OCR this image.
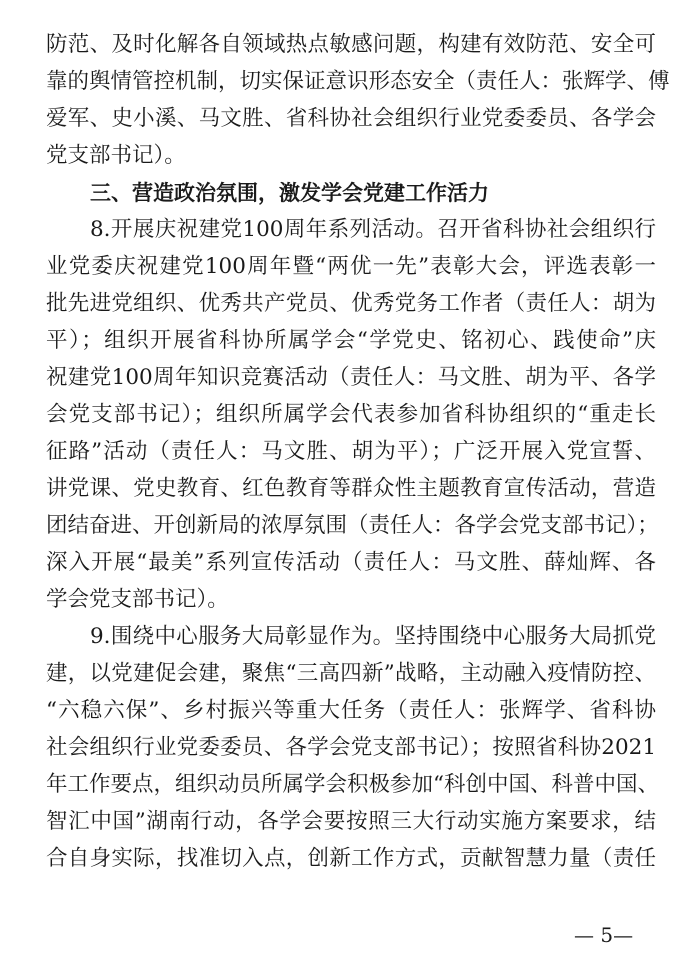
防范、及时化解各自领域热点敏感问题，构建有效防范、安全可
靠的舆情管控机制，切实保证意识形态安全（责任人：张辉学、傅
爱军、史小溪、马文胜、省科协社会组织行业党委委员、各学会
党支部书记）。
三、营造政治氛围，激发学会党建工作活力
8.开展庆祝建党100周年系列活动。召开省科协社会组织行
业党委庆祝建党100周年暨“两优一先”表彰大会，评选表彰一
批先进党组织、优秀共产党员、优秀党务工作者（责任人：胡为
平）；组织开展省科协所属学会“学党史、铭初心、践使命”庆
祝建党100周年知识竞赛活动（责任人：马文胜、胡为平、各学
会党支部书记）；组织所属学会代表参加省科协组织的“重走长
征路”活动（责任人：马文胜、胡为平）；广泛开展入党宣誓、
讲党课、党史教育、红色教育等群众性主题教育宣传活动，营造
团结奋进、开创新局的浓厚氛围（责任人：各学会党支部书记）；
深入开展“最美”系列宣传活动（责任人：马文胜、薛灿辉、各
学会党支部书记）。
9.围绕中心服务大局彰显作为。坚持围绕中心服务大局抓党
建，以党建促会建，聚焦“三高四新”战略，主动融入疫情防控、
“六稳六保”、乡村振兴等重大任务（责任人：张辉学、省科协
社会组织行业党委委员、各学会党支部书记）；按照省科协2021
年工作要点，组织动员所属学会积极参加“科创中国、科普中国、
智汇中国”湖南行动，各学会要按照三大行动实施方案要求，结
合自身实际，找准切入点，创新工作方式，贡献智慧力量（责任
— 5—
